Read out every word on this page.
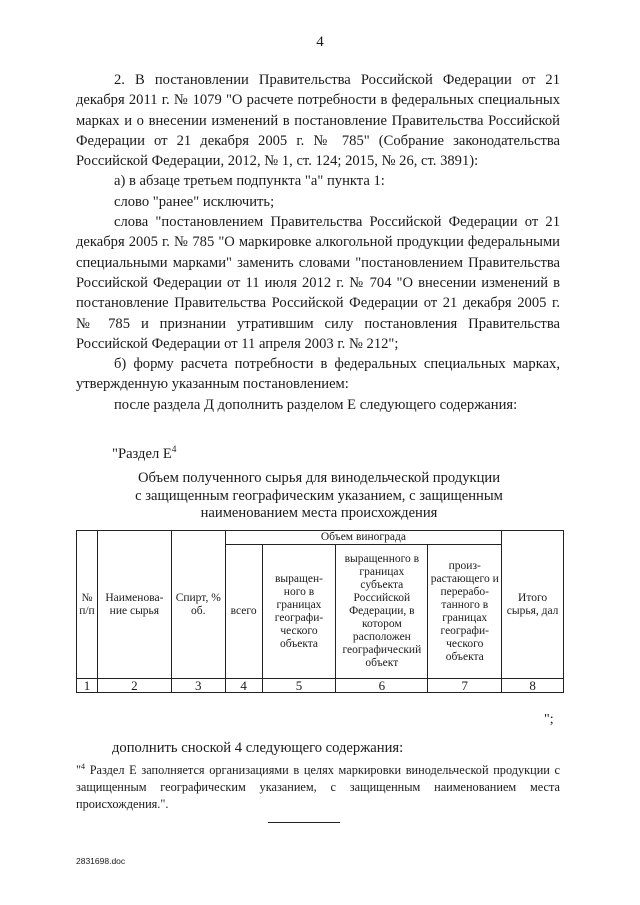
4

2. В постановлении Правительства Российской Федерации от 21 декабря 2011 г. № 1079 "О расчете потребности в федеральных специальных марках и о внесении изменений в постановление Правительства Российской Федерации от 21 декабря 2005 г. № 785" (Собрание законодательства Российской Федерации, 2012, № 1, ст. 124; 2015, № 26, ст. 3891):

а) в абзаце третьем подпункта "а" пункта 1:

слово "ранее" исключить;

слова "постановлением Правительства Российской Федерации от 21 декабря 2005 г. № 785 "О маркировке алкогольной продукции федеральными специальными марками" заменить словами "постановлением Правительства Российской Федерации от 11 июля 2012 г. № 704 "О внесении изменений в постановление Правительства Российской Федерации от 21 декабря 2005 г. № 785 и признании утратившим силу постановления Правительства Российской Федерации от 11 апреля 2003 г. № 212";

б) форму расчета потребности в федеральных специальных марках, утвержденную указанным постановлением:

после раздела Д дополнить разделом Е следующего содержания:

"Раздел $Е^4$
Объем полученного сырья для винодельческой продукции
с защищенным географическим указанием, с защищенным
наименованием места происхождения
№ п/п	Наименова-ние сырья	Спирт, % об.	Объем винограда				Итого сырья, дал
			всего	выращен-ного в границах географи-ческого объекта	выращенного в границах субъекта Российской Федерации, в котором расположен географический объект	произ-растающего и перерабо-танного в границах географи-ческого объекта	
1	2	3	4	5	6	7	8
";
дополнить сноской 4 следующего содержания:
"$^4$ Раздел Е заполняется организациями в целях маркировки винодельческой продукции с защищенным географическим указанием, с защищенным наименованием места происхождения.".
2831698.doc
